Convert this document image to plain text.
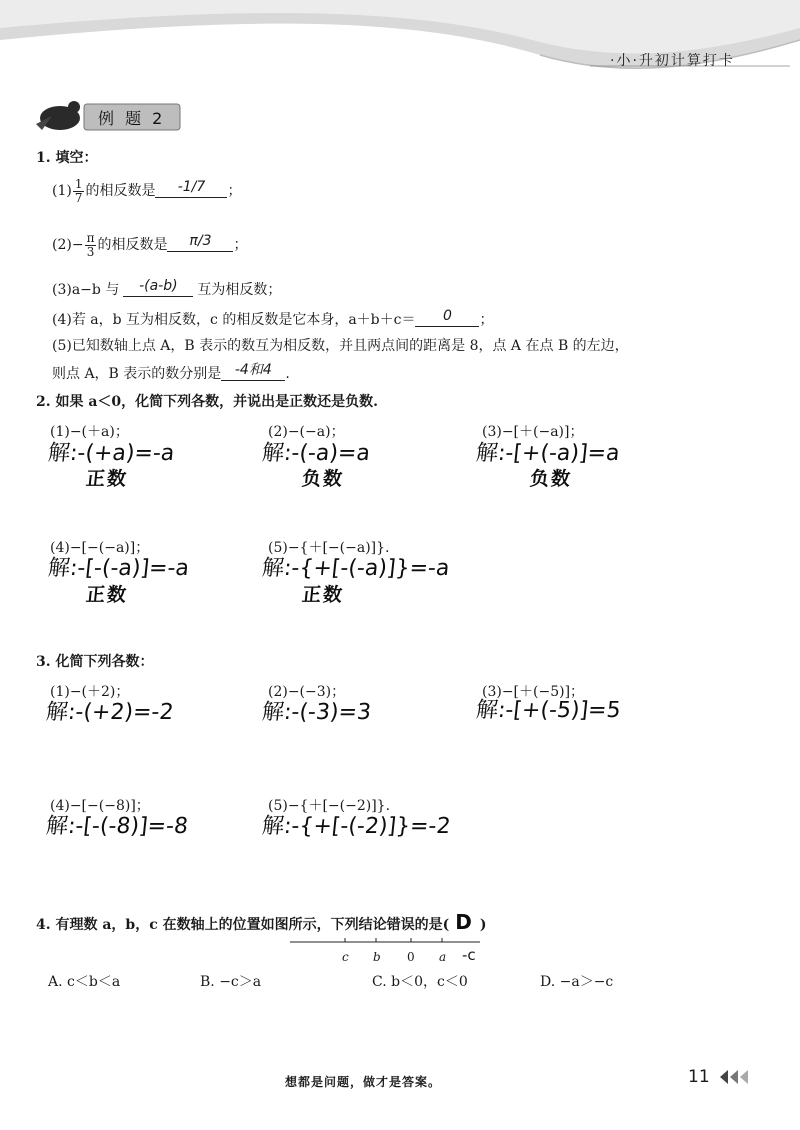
·小·升初计算打卡
例 题 2
1. 填空：
$(1) \frac{1}{7}$ 的相反数是	-1/7	；
$(2)- \frac{\pi}{3}$ 的相反数是	π/3	；
(3)a−b 与	-(a-b)	互为相反数；
(4)若 a，b 互为相反数，c 的相反数是它本身，a＋b＋c＝	0	；
(5)已知数轴上点 A，B 表示的数互为相反数，并且两点间的距离是 8，点 A 在点 B 的左边，
则点 A，B 表示的数分别是 -4和4 .
2. 如果 a＜0，化简下列各数，并说出是正数还是负数.
(1)−(＋a)；
解:-(+a)=-a
正数
(2)−(−a)；
解:-(-a)=a
负数
(3)−[＋(−a)]；
解:-[+(-a)]=a
负数
(4)−[−(−a)]；
解:-[-(-a)]=-a
正数
(5)−{＋[−(−a)]}.
解:-{+[-(-a)]}=-a
正数
3. 化简下列各数：
(1)−(＋2)；
解:-(+2)=-2
(2)−(−3)；
解:-(-3)=3
(3)−[＋(−5)]；
解:-[+(-5)]=5
(4)−[−(−8)]；
解:-[-(-8)]=-8
(5)−{＋[−(−2)]}.
解:-{+[-(-2)]}=-2
4. 有理数 a，b，c 在数轴上的位置如图所示，下列结论错误的是( D )
c b 0 a -c
A. c＜b＜a	B. −c＞a	C. b＜0，c＜0	D. −a＞−c
想都是问题，做才是答案。	11
